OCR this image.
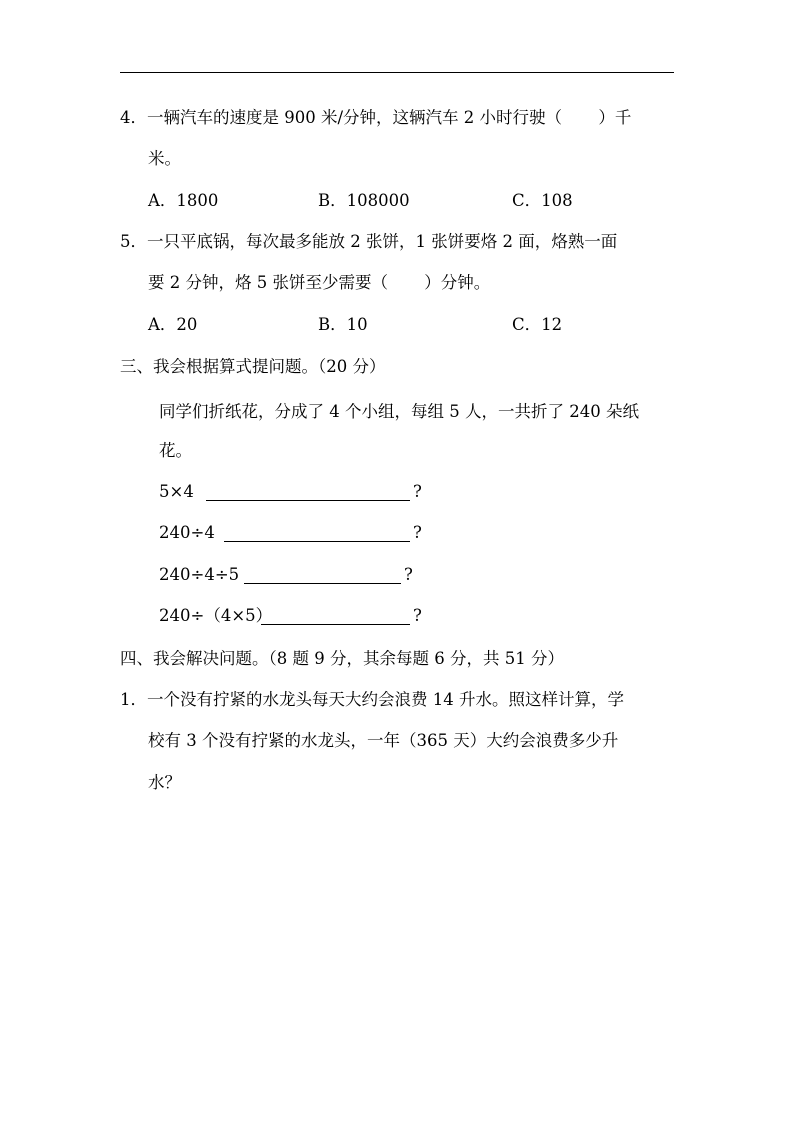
4．一辆汽车的速度是 900 米/分钟，这辆汽车 2 小时行驶（ ）千
米。
A．1800	B．108000	C．108
5．一只平底锅，每次最多能放 2 张饼，1 张饼要烙 2 面，烙熟一面
要 2 分钟，烙 5 张饼至少需要（ ）分钟。
A．20	B．10	C．12
三、我会根据算式提问题。（20 分）
同学们折纸花，分成了 4 个小组，每组 5 人，一共折了 240 朵纸
花。
5×4	?
240÷4	?
240÷4÷5	?
240÷（4×5）	?
四、我会解决问题。（8 题 9 分，其余每题 6 分，共 51 分）
1．一个没有拧紧的水龙头每天大约会浪费 14 升水。照这样计算，学
校有 3 个没有拧紧的水龙头，一年（365 天）大约会浪费多少升
水？
